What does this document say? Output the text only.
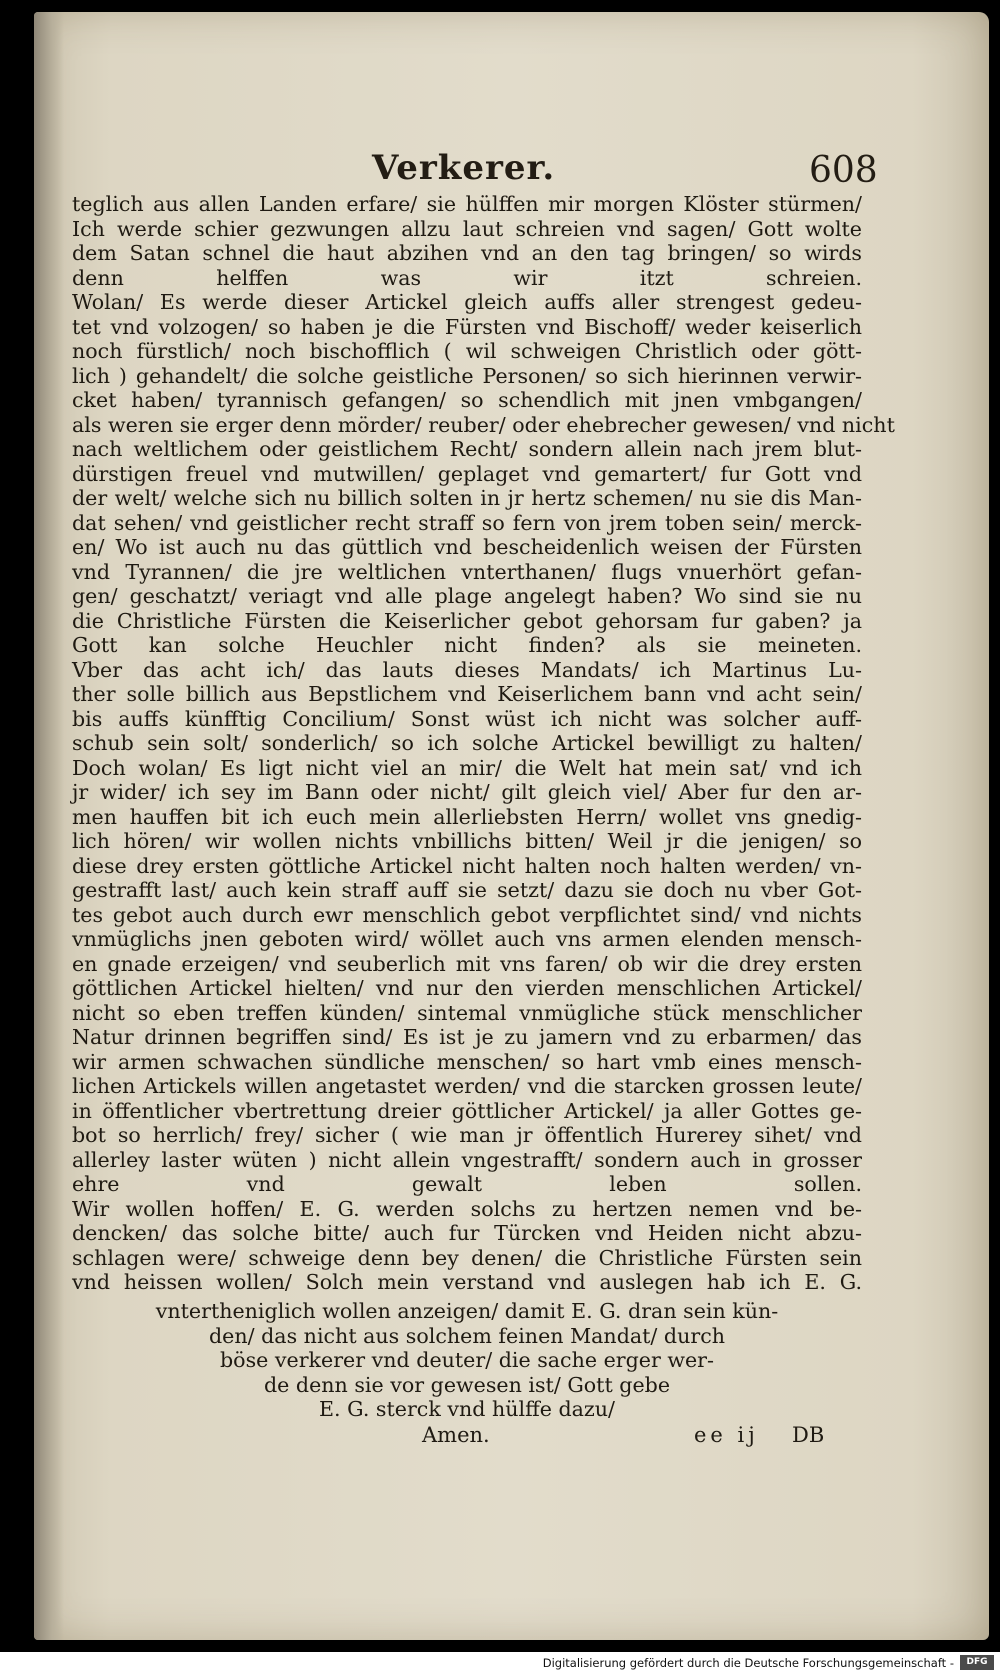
Verkerer.	608
teglich aus allen Landen erfare/ sie hülffen mir morgen Klöster stürmen/
Ich werde schier gezwungen allzu laut schreien vnd sagen/ Gott wolte
dem Satan schnel die haut abzihen vnd an den tag bringen/ so wirds
denn helffen was wir itzt schreien.
Wolan/ Es werde dieser Artickel gleich auffs aller strengest gedeu-
tet vnd volzogen/ so haben je die Fürsten vnd Bischoff/ weder keiserlich
noch fürstlich/ noch bischofflich ( wil schweigen Christlich oder gött-
lich ) gehandelt/ die solche geistliche Personen/ so sich hierinnen verwir-
cket haben/ tyrannisch gefangen/ so schendlich mit jnen vmbgangen/
als weren sie erger denn mörder/ reuber/ oder ehebrecher gewesen/ vnd nicht
nach weltlichem oder geistlichem Recht/ sondern allein nach jrem blut-
dürstigen freuel vnd mutwillen/ geplaget vnd gemartert/ fur Gott vnd
der welt/ welche sich nu billich solten in jr hertz schemen/ nu sie dis Man-
dat sehen/ vnd geistlicher recht straff so fern von jrem toben sein/ merck-
en/ Wo ist auch nu das güttlich vnd bescheidenlich weisen der Fürsten
vnd Tyrannen/ die jre weltlichen vnterthanen/ flugs vnuerhört gefan-
gen/ geschatzt/ veriagt vnd alle plage angelegt haben? Wo sind sie nu
die Christliche Fürsten die Keiserlicher gebot gehorsam fur gaben? ja
Gott kan solche Heuchler nicht finden? als sie meineten.
Vber das acht ich/ das lauts dieses Mandats/ ich Martinus Lu-
ther solle billich aus Bepstlichem vnd Keiserlichem bann vnd acht sein/
bis auffs künfftig Concilium/ Sonst wüst ich nicht was solcher auff-
schub sein solt/ sonderlich/ so ich solche Artickel bewilligt zu halten/
Doch wolan/ Es ligt nicht viel an mir/ die Welt hat mein sat/ vnd ich
jr wider/ ich sey im Bann oder nicht/ gilt gleich viel/ Aber fur den ar-
men hauffen bit ich euch mein allerliebsten Herrn/ wollet vns gnedig-
lich hören/ wir wollen nichts vnbillichs bitten/ Weil jr die jenigen/ so
diese drey ersten göttliche Artickel nicht halten noch halten werden/ vn-
gestrafft last/ auch kein straff auff sie setzt/ dazu sie doch nu vber Got-
tes gebot auch durch ewr menschlich gebot verpflichtet sind/ vnd nichts
vnmüglichs jnen geboten wird/ wöllet auch vns armen elenden mensch-
en gnade erzeigen/ vnd seuberlich mit vns faren/ ob wir die drey ersten
göttlichen Artickel hielten/ vnd nur den vierden menschlichen Artickel/
nicht so eben treffen künden/ sintemal vnmügliche stück menschlicher
Natur drinnen begriffen sind/ Es ist je zu jamern vnd zu erbarmen/ das
wir armen schwachen sündliche menschen/ so hart vmb eines mensch-
lichen Artickels willen angetastet werden/ vnd die starcken grossen leute/
in öffentlicher vbertrettung dreier göttlicher Artickel/ ja aller Gottes ge-
bot so herrlich/ frey/ sicher ( wie man jr öffentlich Hurerey sihet/ vnd
allerley laster wüten ) nicht allein vngestrafft/ sondern auch in grosser
ehre vnd gewalt leben sollen.
Wir wollen hoffen/ E. G. werden solchs zu hertzen nemen vnd be-
dencken/ das solche bitte/ auch fur Türcken vnd Heiden nicht abzu-
schlagen were/ schweige denn bey denen/ die Christliche Fürsten sein
vnd heissen wollen/ Solch mein verstand vnd auslegen hab ich E. G.
vntertheniglich wollen anzeigen/ damit E. G. dran sein kün-
den/ das nicht aus solchem feinen Mandat/ durch
böse verkerer vnd deuter/ die sache erger wer-
de denn sie vor gewesen ist/ Gott gebe
E. G. sterck vnd hülffe dazu/
Amen.	ee ij DB
Digitalisierung gefördert durch die Deutsche Forschungsgemeinschaft -	DFG
